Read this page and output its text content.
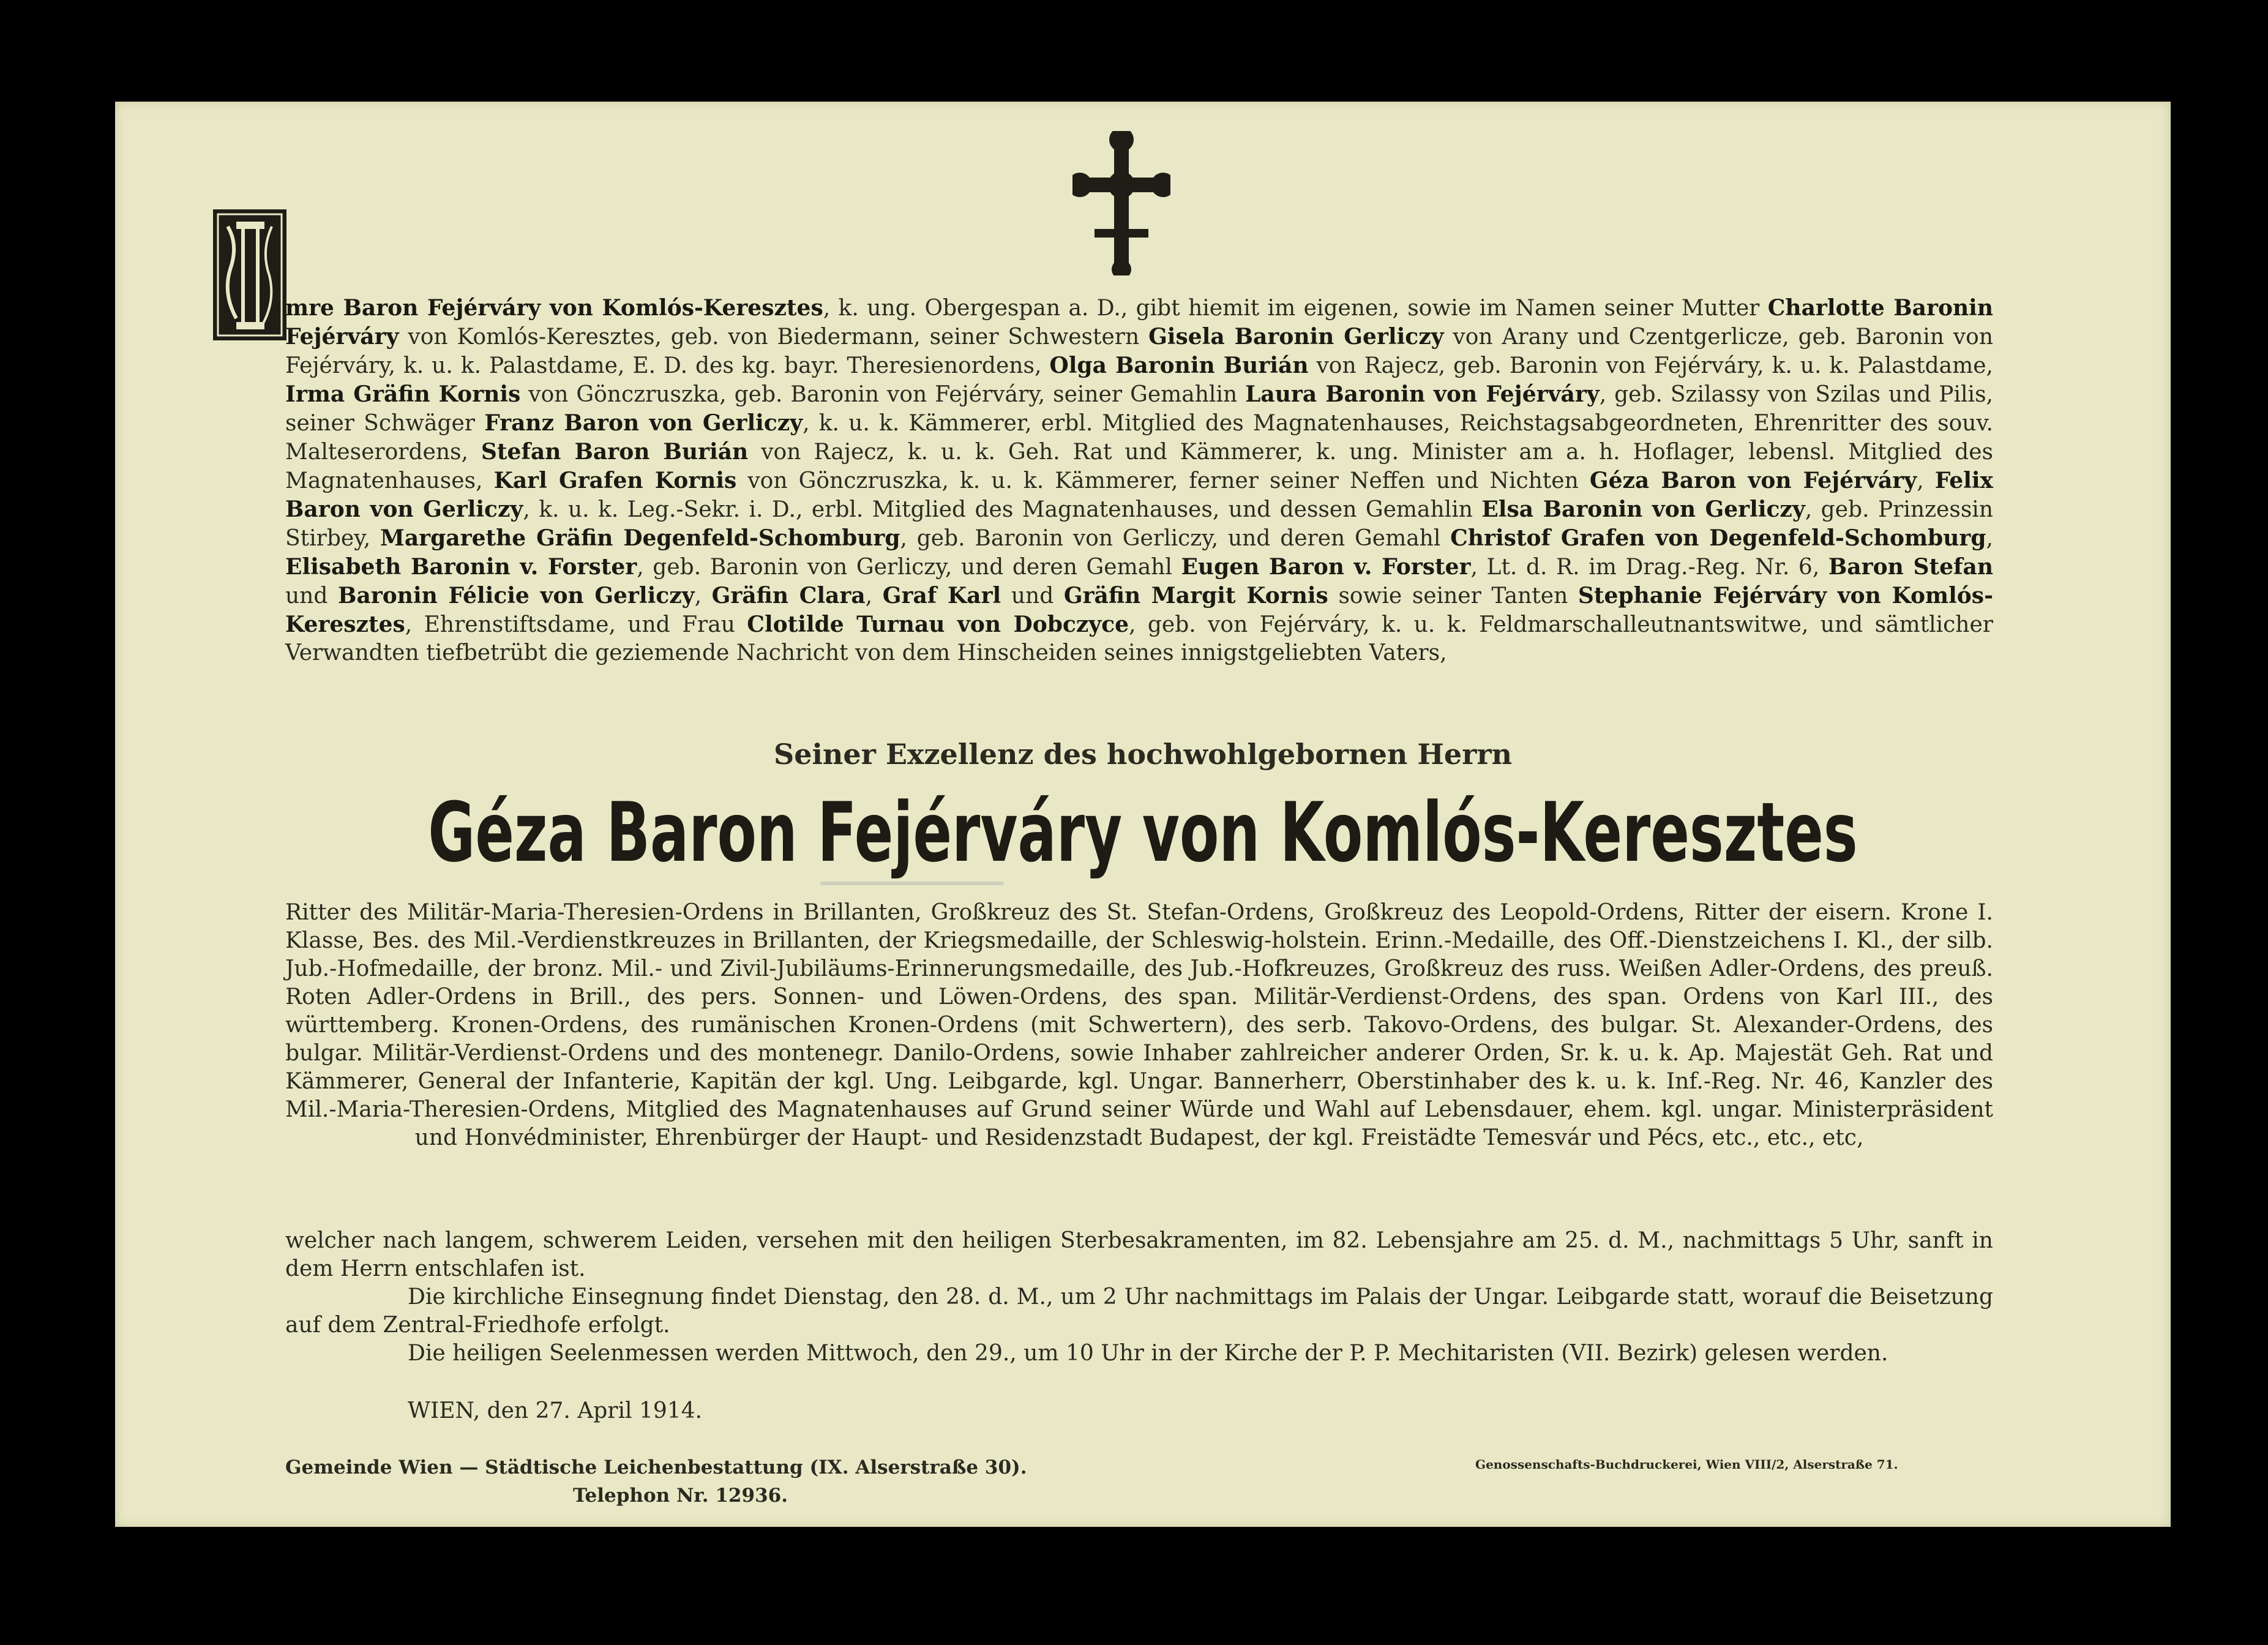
mre Baron Fejérváry von Komlós-Keresztes, k. ung. Obergespan a. D., gibt hiemit im eigenen, sowie im Namen seiner Mutter Charlotte Baronin Fejérváry von Komlós-Keresztes, geb. von Biedermann, seiner Schwestern Gisela Baronin Gerliczy von Arany und Czentgerlicze, geb. Baronin von Fejérváry, k. u. k. Palastdame, E. D. des kg. bayr. Theresienordens, Olga Baronin Burián von Rajecz, geb. Baronin von Fejérváry, k. u. k. Palastdame, Irma Gräfin Kornis von Gönczruszka, geb. Baronin von Fejérváry, seiner Gemahlin Laura Baronin von Fejérváry, geb. Szilassy von Szilas und Pilis, seiner Schwäger Franz Baron von Gerliczy, k. u. k. Kämmerer, erbl. Mitglied des Magnatenhauses, Reichstagsabgeordneten, Ehrenritter des souv. Malteserordens, Stefan Baron Burián von Rajecz, k. u. k. Geh. Rat und Kämmerer, k. ung. Minister am a. h. Hoflager, lebensl. Mitglied des Magnatenhauses, Karl Grafen Kornis von Gönczruszka, k. u. k. Kämmerer, ferner seiner Neffen und Nichten Géza Baron von Fejérváry, Felix Baron von Gerliczy, k. u. k. Leg.-Sekr. i. D., erbl. Mitglied des Magnatenhauses, und dessen Gemahlin Elsa Baronin von Gerliczy, geb. Prinzessin Stirbey, Margarethe Gräfin Degenfeld-Schomburg, geb. Baronin von Gerliczy, und deren Gemahl Christof Grafen von Degenfeld-Schomburg, Elisabeth Baronin v. Forster, geb. Baronin von Gerliczy, und deren Gemahl Eugen Baron v. Forster, Lt. d. R. im Drag.-Reg. Nr. 6, Baron Stefan und Baronin Félicie von Gerliczy, Gräfin Clara, Graf Karl und Gräfin Margit Kornis sowie seiner Tanten Stephanie Fejérváry von Komlós-Keresztes, Ehrenstiftsdame, und Frau Clotilde Turnau von Dobczyce, geb. von Fejérváry, k. u. k. Feldmarschalleutnantswitwe, und sämtlicher Verwandten tiefbetrübt die geziemende Nachricht von dem Hinscheiden seines innigstgeliebten Vaters,
Seiner Exzellenz des hochwohlgebornen Herrn
Géza Baron Fejérváry von Komlós-Keresztes
Ritter des Militär-Maria-Theresien-Ordens in Brillanten, Großkreuz des St. Stefan-Ordens, Großkreuz des Leopold-Ordens, Ritter der eisern. Krone I. Klasse, Bes. des Mil.-Verdienstkreuzes in Brillanten, der Kriegsmedaille, der Schleswig-holstein. Erinn.-Medaille, des Off.-Dienstzeichens I. Kl., der silb. Jub.-Hofmedaille, der bronz. Mil.- und Zivil-Jubiläums-Erinnerungsmedaille, des Jub.-Hofkreuzes, Großkreuz des russ. Weißen Adler-Ordens, des preuß. Roten Adler-Ordens in Brill., des pers. Sonnen- und Löwen-Ordens, des span. Militär-Verdienst-Ordens, des span. Ordens von Karl III., des württemberg. Kronen-Ordens, des rumänischen Kronen-Ordens (mit Schwertern), des serb. Takovo-Ordens, des bulgar. St. Alexander-Ordens, des bulgar. Militär-Verdienst-Ordens und des montenegr. Danilo-Ordens, sowie Inhaber zahlreicher anderer Orden, Sr. k. u. k. Ap. Majestät Geh. Rat und Kämmerer, General der Infanterie, Kapitän der kgl. Ung. Leibgarde, kgl. Ungar. Bannerherr, Oberstinhaber des k. u. k. Inf.-Reg. Nr. 46, Kanzler des Mil.-Maria-Theresien-Ordens, Mitglied des Magnatenhauses auf Grund seiner Würde und Wahl auf Lebensdauer, ehem. kgl. ungar. Ministerpräsident und Honvédminister, Ehrenbürger der Haupt- und Residenzstadt Budapest, der kgl. Freistädte Temesvár und Pécs, etc., etc., etc,

welcher nach langem, schwerem Leiden, versehen mit den heiligen Sterbesakramenten, im 82. Lebensjahre am 25. d. M., nachmittags 5 Uhr, sanft in dem Herrn entschlafen ist.

Die kirchliche Einsegnung findet Dienstag, den 28. d. M., um 2 Uhr nachmittags im Palais der Ungar. Leibgarde statt, worauf die Beisetzung auf dem Zentral-Friedhofe erfolgt.

Die heiligen Seelenmessen werden Mittwoch, den 29., um 10 Uhr in der Kirche der P. P. Mechitaristen (VII. Bezirk) gelesen werden.

WIEN, den 27. April 1914.
Gemeinde Wien — Städtische Leichenbestattung (IX. Alserstraße 30).
Telephon Nr. 12936.
Genossenschafts-Buchdruckerei, Wien VIII/2, Alserstraße 71.
